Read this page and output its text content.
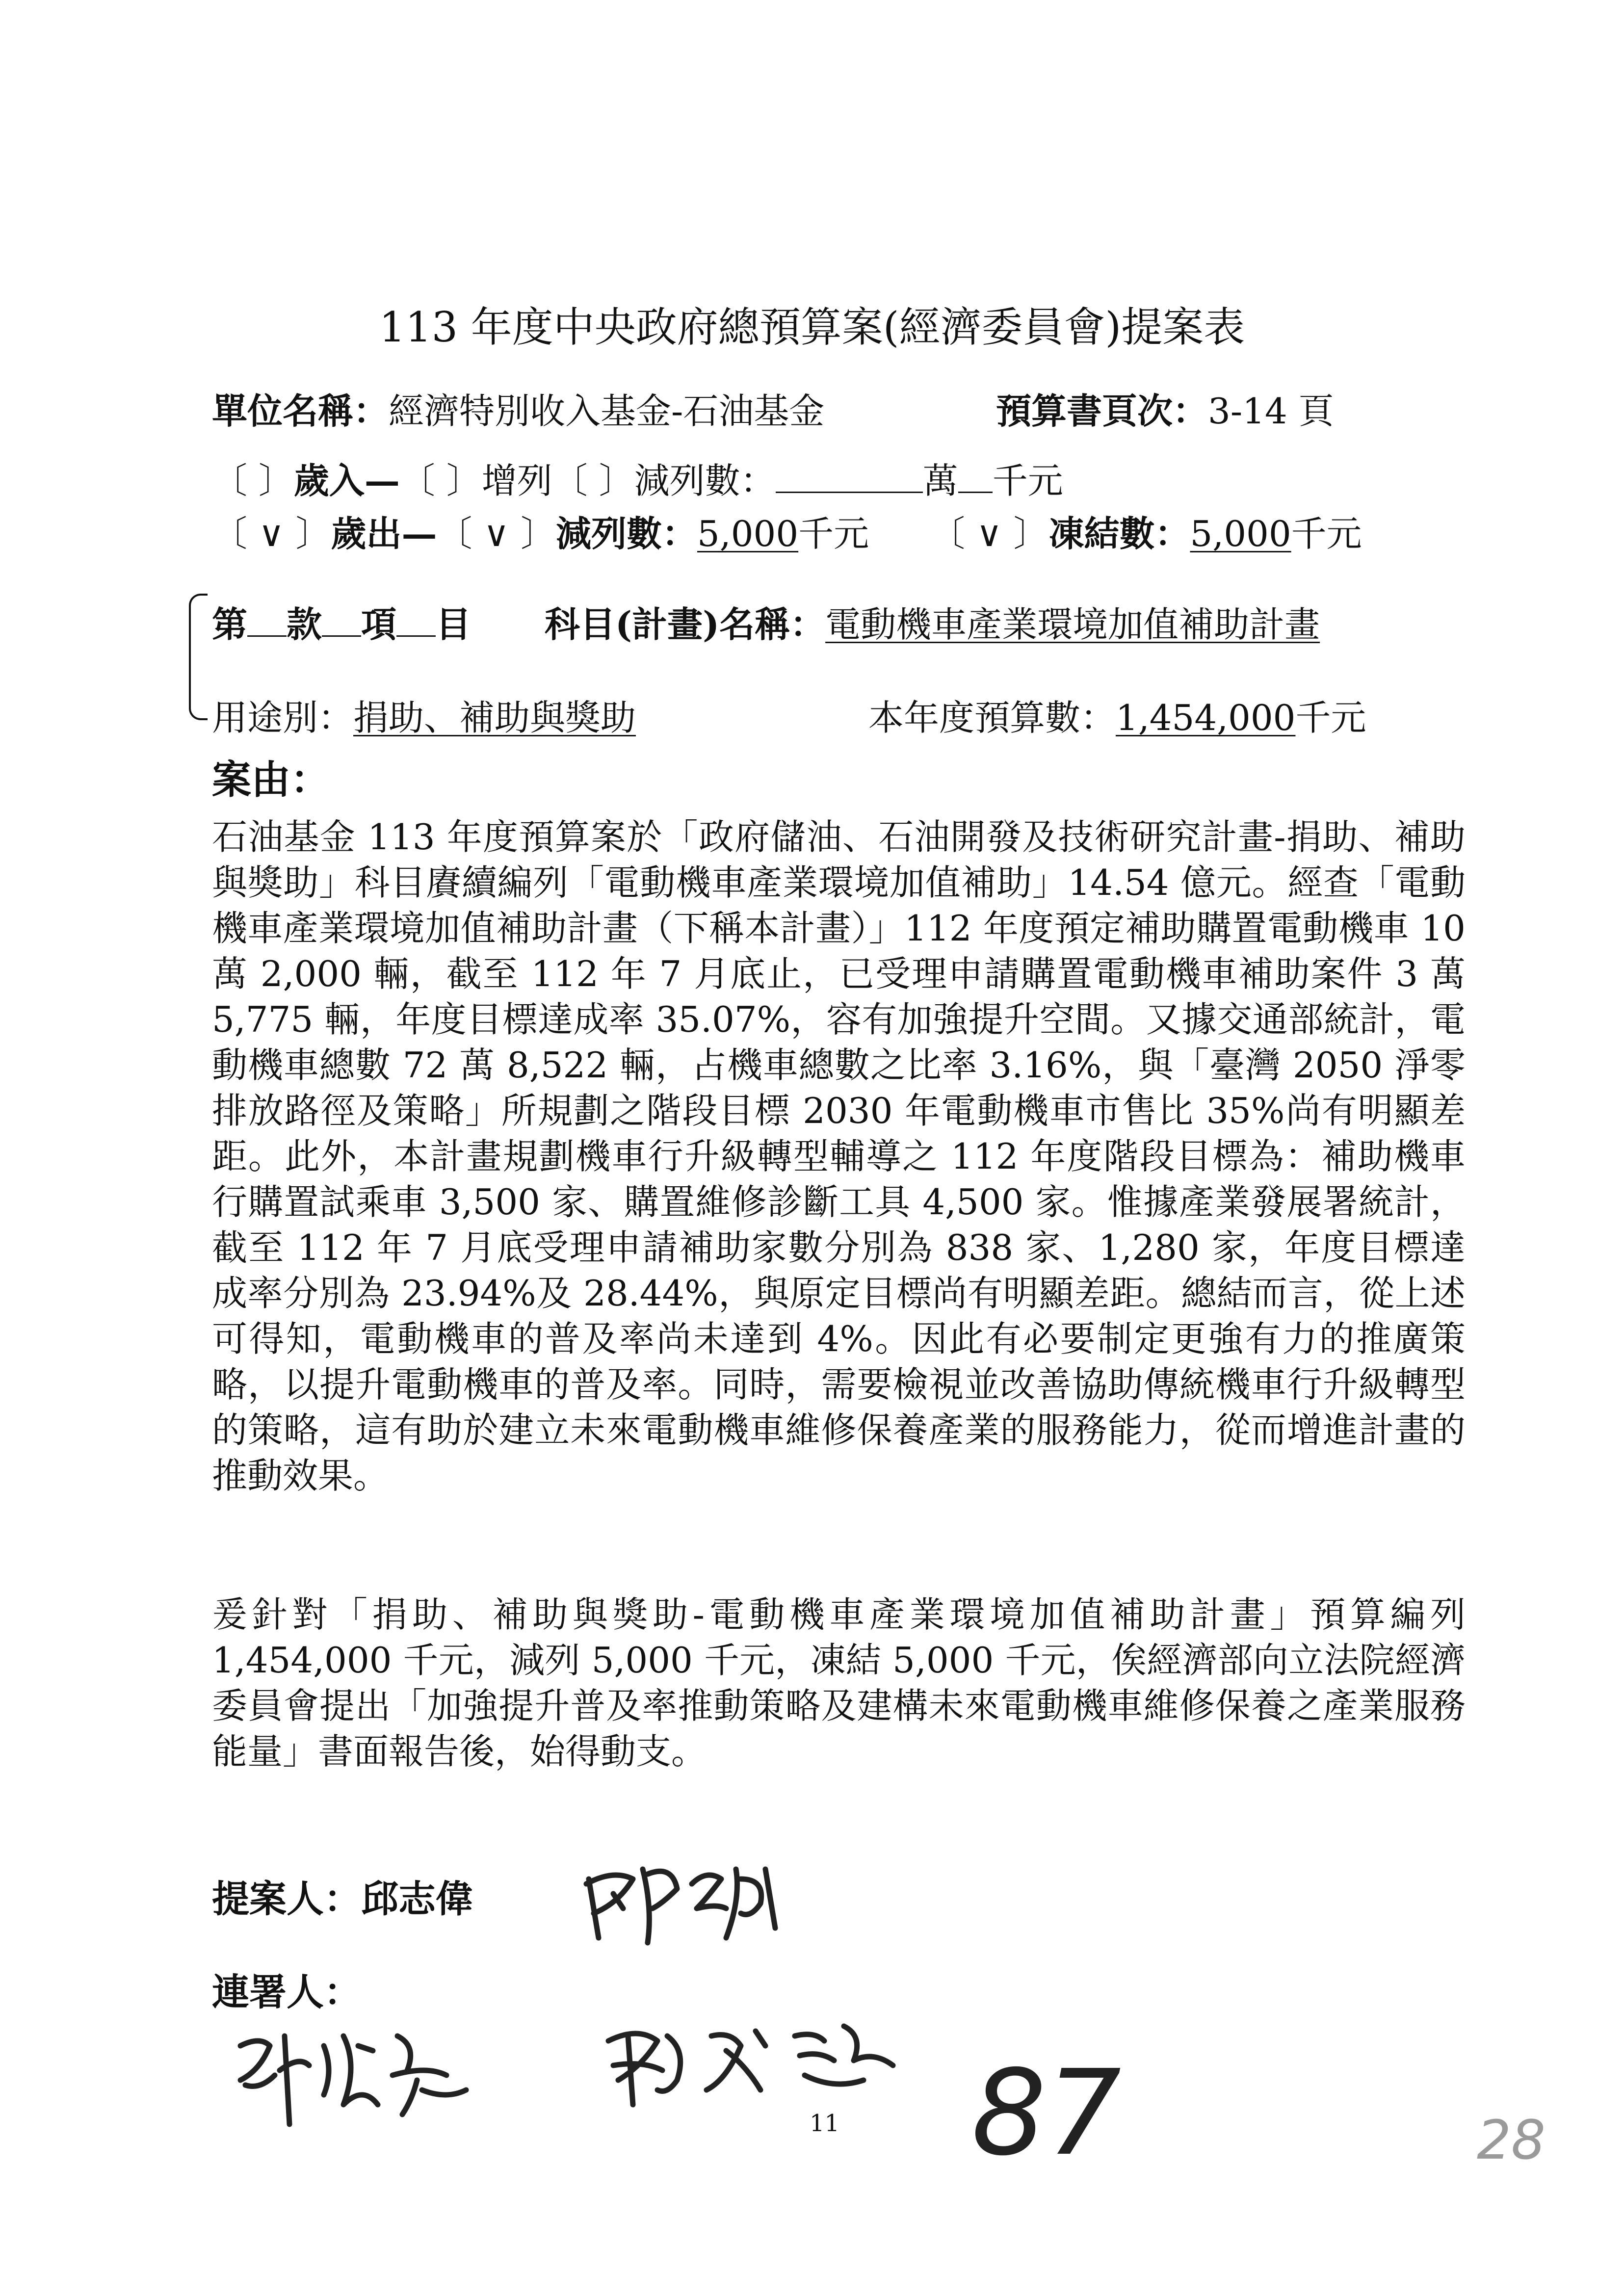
113 年度中央政府總預算案(經濟委員會)提案表
單位名稱：經濟特別收入基金-石油基金	預算書頁次：3-14 頁
〔 〕歲入—〔 〕增列〔 〕減列數：	萬 千元
〔 ∨ 〕歲出—〔 ∨ 〕減列數：5,000千元 〔 ∨ 〕凍結數：5,000千元
第 款 項 目 科目(計畫)名稱：電動機車產業環境加值補助計畫
用途別：捐助、補助與獎助	本年度預算數：1,454,000千元
案由：
石油基金 113 年度預算案於「政府儲油、石油開發及技術研究計畫-捐助、補助與獎助」科目賡續編列「電動機車產業環境加值補助」14.54 億元。經查「電動機車產業環境加值補助計畫（下稱本計畫）」112 年度預定補助購置電動機車 10 萬 2,000 輛，截至 112 年 7 月底止，已受理申請購置電動機車補助案件 3 萬 5,775 輛，年度目標達成率 35.07%，容有加強提升空間。又據交通部統計，電動機車總數 72 萬 8,522 輛，占機車總數之比率 3.16%，與「臺灣 2050 淨零排放路徑及策略」所規劃之階段目標 2030 年電動機車市售比 35%尚有明顯差距。此外，本計畫規劃機車行升級轉型輔導之 112 年度階段目標為：補助機車行購置試乘車 3,500 家、購置維修診斷工具 4,500 家。惟據產業發展署統計，截至 112 年 7 月底受理申請補助家數分別為 838 家、1,280 家，年度目標達成率分別為 23.94%及 28.44%，與原定目標尚有明顯差距。總結而言，從上述可得知，電動機車的普及率尚未達到 4%。因此有必要制定更強有力的推廣策略，以提升電動機車的普及率。同時，需要檢視並改善協助傳統機車行升級轉型的策略，這有助於建立未來電動機車維修保養產業的服務能力，從而增進計畫的推動效果。
爰針對「捐助、補助與獎助-電動機車產業環境加值補助計畫」預算編列 1,454,000 千元，減列 5,000 千元，凍結 5,000 千元，俟經濟部向立法院經濟委員會提出「加強提升普及率推動策略及建構未來電動機車維修保養之產業服務能量」書面報告後，始得動支。
提案人：邱志偉
連署人：
87
11	28
